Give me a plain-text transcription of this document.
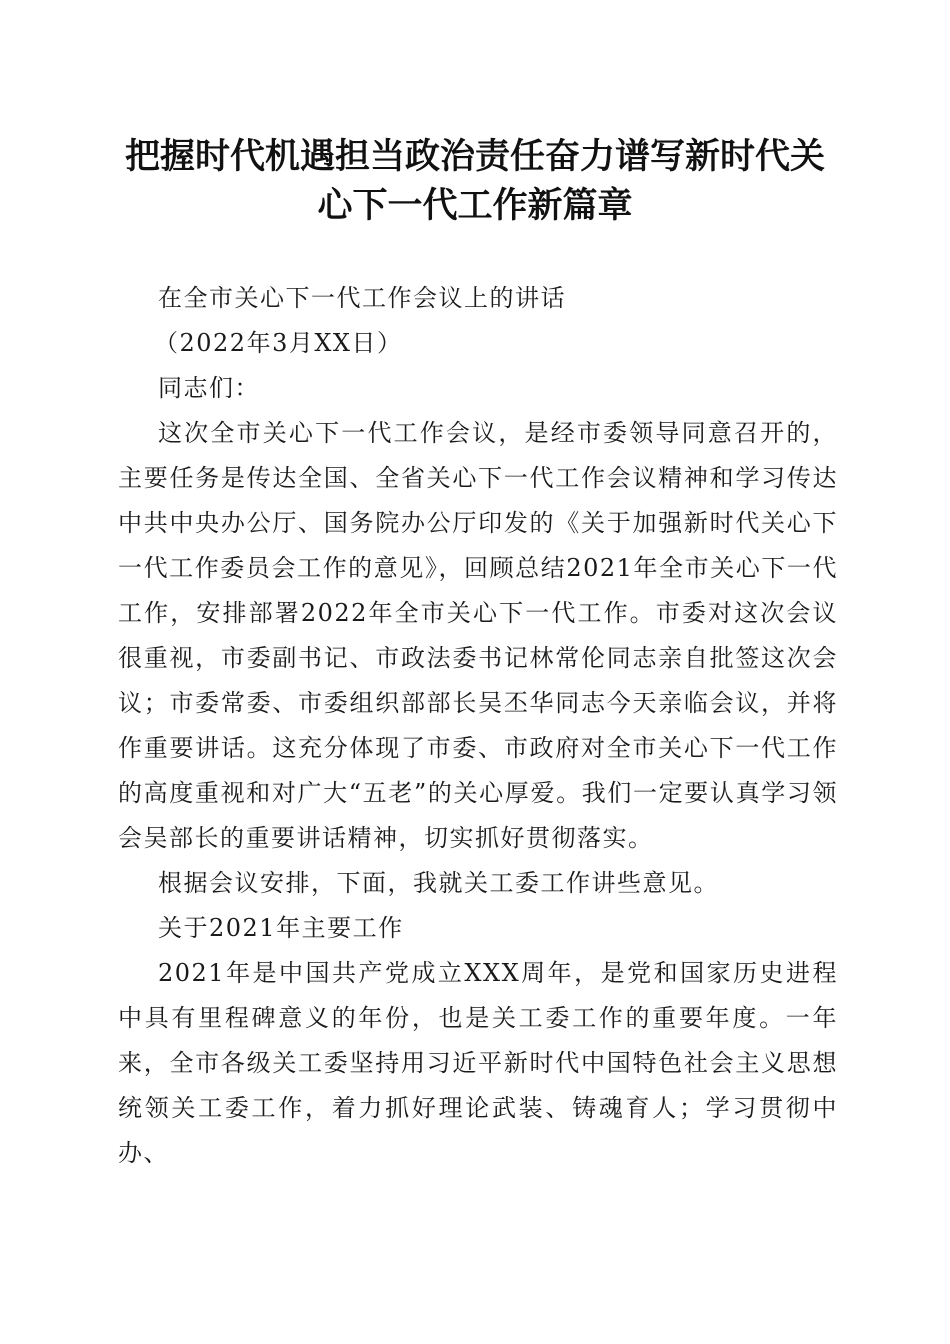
把握时代机遇担当政治责任奋力谱写新时代关
心下一代工作新篇章

在全市关心下一代工作会议上的讲话

（2022年3月XX日）

同志们：

这次全市关心下一代工作会议，是经市委领导同意召开的，主要任务是传达全国、全省关心下一代工作会议精神和学习传达中共中央办公厅、国务院办公厅印发的《关于加强新时代关心下一代工作委员会工作的意见》，回顾总结2021年全市关心下一代工作，安排部署2022年全市关心下一代工作。市委对这次会议很重视，市委副书记、市政法委书记林常伦同志亲自批签这次会议；市委常委、市委组织部部长吴丕华同志今天亲临会议，并将作重要讲话。这充分体现了市委、市政府对全市关心下一代工作的高度重视和对广大“五老”的关心厚爱。我们一定要认真学习领会吴部长的重要讲话精神，切实抓好贯彻落实。

根据会议安排，下面，我就关工委工作讲些意见。

关于2021年主要工作

2021年是中国共产党成立XXX周年，是党和国家历史进程中具有里程碑意义的年份，也是关工委工作的重要年度。一年来，全市各级关工委坚持用习近平新时代中国特色社会主义思想统领关工委工作，着力抓好理论武装、铸魂育人；学习贯彻中办、
